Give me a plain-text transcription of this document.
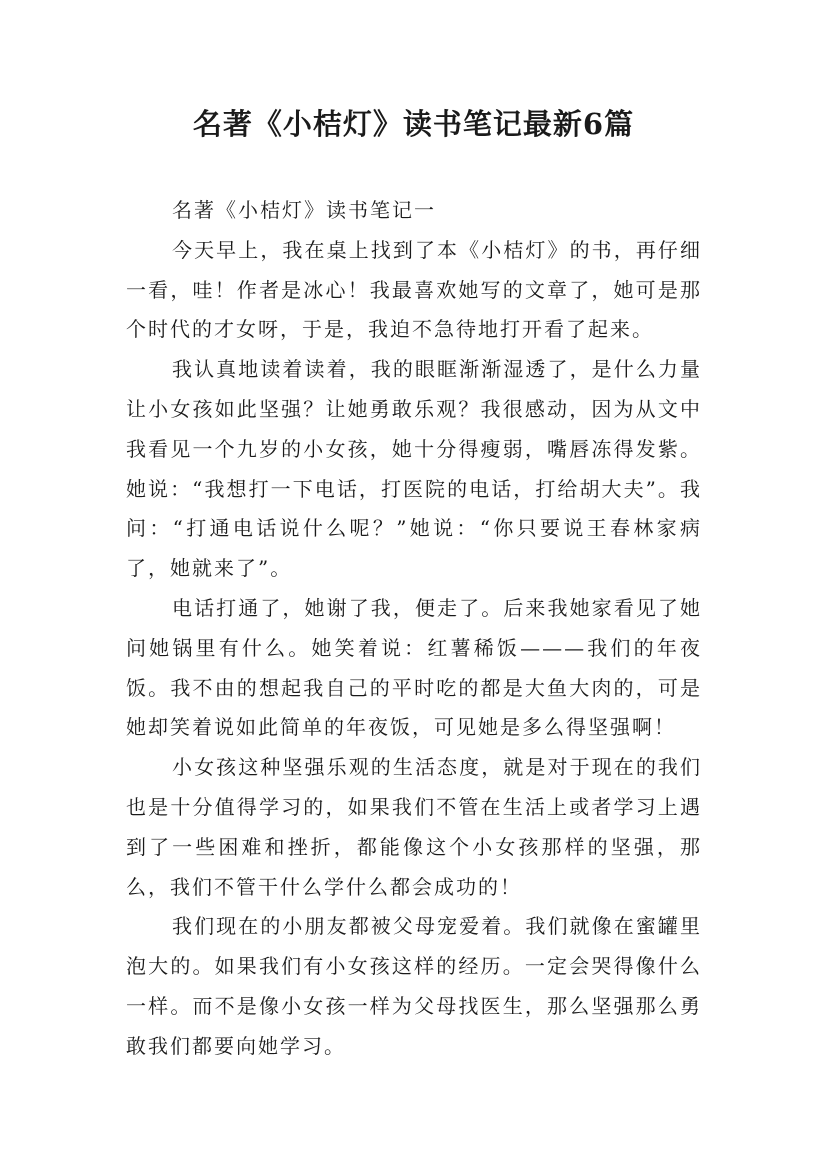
名著《小桔灯》读书笔记最新6篇

名著《小桔灯》读书笔记一

今天早上，我在桌上找到了本《小桔灯》的书，再仔细一看，哇！作者是冰心！我最喜欢她写的文章了，她可是那个时代的才女呀，于是，我迫不急待地打开看了起来。

我认真地读着读着，我的眼眶渐渐湿透了，是什么力量让小女孩如此坚强？让她勇敢乐观？我很感动，因为从文中我看见一个九岁的小女孩，她十分得瘦弱，嘴唇冻得发紫。她说：“我想打一下电话，打医院的电话，打给胡大夫”。我问：“打通电话说什么呢？”她说：“你只要说王春林家病了，她就来了”。

电话打通了，她谢了我，便走了。后来我她家看见了她问她锅里有什么。她笑着说：红薯稀饭———我们的年夜饭。我不由的想起我自己的平时吃的都是大鱼大肉的，可是她却笑着说如此简单的年夜饭，可见她是多么得坚强啊！

小女孩这种坚强乐观的生活态度，就是对于现在的我们也是十分值得学习的，如果我们不管在生活上或者学习上遇到了一些困难和挫折，都能像这个小女孩那样的坚强，那么，我们不管干什么学什么都会成功的！

我们现在的小朋友都被父母宠爱着。我们就像在蜜罐里泡大的。如果我们有小女孩这样的经历。一定会哭得像什么一样。而不是像小女孩一样为父母找医生，那么坚强那么勇敢我们都要向她学习。
